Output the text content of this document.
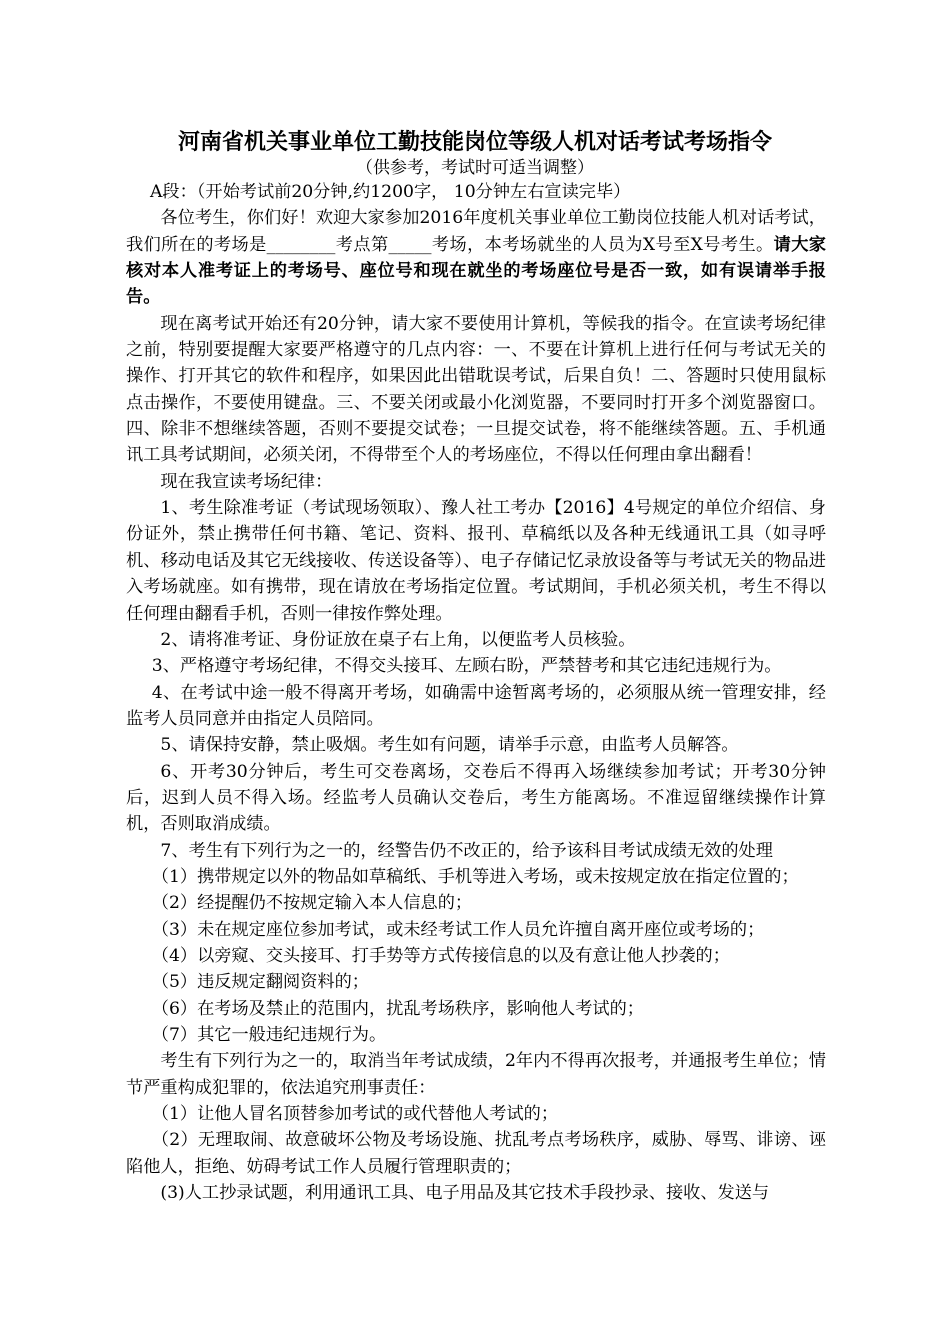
河南省机关事业单位工勤技能岗位等级人机对话考试考场指令
（供参考，考试时可适当调整）

A段：（开始考试前20分钟,约1200字， 10分钟左右宣读完毕）

各位考生，你们好！欢迎大家参加2016年度机关事业单位工勤岗位技能人机对话考试，我们所在的考场是________考点第_____考场，本考场就坐的人员为X号至X号考生。请大家核对本人准考证上的考场号、座位号和现在就坐的考场座位号是否一致，如有误请举手报告。

现在离考试开始还有20分钟，请大家不要使用计算机，等候我的指令。在宣读考场纪律之前，特别要提醒大家要严格遵守的几点内容：一、不要在计算机上进行任何与考试无关的操作、打开其它的软件和程序，如果因此出错耽误考试，后果自负！二、答题时只使用鼠标点击操作，不要使用键盘。三、不要关闭或最小化浏览器，不要同时打开多个浏览器窗口。四、除非不想继续答题，否则不要提交试卷；一旦提交试卷，将不能继续答题。五、手机通讯工具考试期间，必须关闭，不得带至个人的考场座位，不得以任何理由拿出翻看！

现在我宣读考场纪律：

1、考生除准考证（考试现场领取）、豫人社工考办【2016】4号规定的单位介绍信、身份证外，禁止携带任何书籍、笔记、资料、报刊、草稿纸以及各种无线通讯工具（如寻呼机、移动电话及其它无线接收、传送设备等）、电子存储记忆录放设备等与考试无关的物品进入考场就座。如有携带，现在请放在考场指定位置。考试期间，手机必须关机，考生不得以任何理由翻看手机，否则一律按作弊处理。

2、请将准考证、身份证放在桌子右上角，以便监考人员核验。

3、严格遵守考场纪律，不得交头接耳、左顾右盼，严禁替考和其它违纪违规行为。

4、在考试中途一般不得离开考场，如确需中途暂离考场的，必须服从统一管理安排，经监考人员同意并由指定人员陪同。

5、请保持安静，禁止吸烟。考生如有问题，请举手示意，由监考人员解答。

6、开考30分钟后，考生可交卷离场，交卷后不得再入场继续参加考试；开考30分钟后，迟到人员不得入场。经监考人员确认交卷后，考生方能离场。不准逗留继续操作计算机，否则取消成绩。

7、考生有下列行为之一的，经警告仍不改正的，给予该科目考试成绩无效的处理

（1）携带规定以外的物品如草稿纸、手机等进入考场，或未按规定放在指定位置的；

（2）经提醒仍不按规定输入本人信息的；

（3）未在规定座位参加考试，或未经考试工作人员允许擅自离开座位或考场的；

（4）以旁窥、交头接耳、打手势等方式传接信息的以及有意让他人抄袭的；

（5）违反规定翻阅资料的；

（6）在考场及禁止的范围内，扰乱考场秩序，影响他人考试的；

（7）其它一般违纪违规行为。

考生有下列行为之一的，取消当年考试成绩，2年内不得再次报考，并通报考生单位；情节严重构成犯罪的，依法追究刑事责任：

（1）让他人冒名顶替参加考试的或代替他人考试的；

（2）无理取闹、故意破坏公物及考场设施、扰乱考点考场秩序，威胁、辱骂、诽谤、诬陷他人，拒绝、妨碍考试工作人员履行管理职责的；

(3)人工抄录试题，利用通讯工具、电子用品及其它技术手段抄录、接收、发送与
